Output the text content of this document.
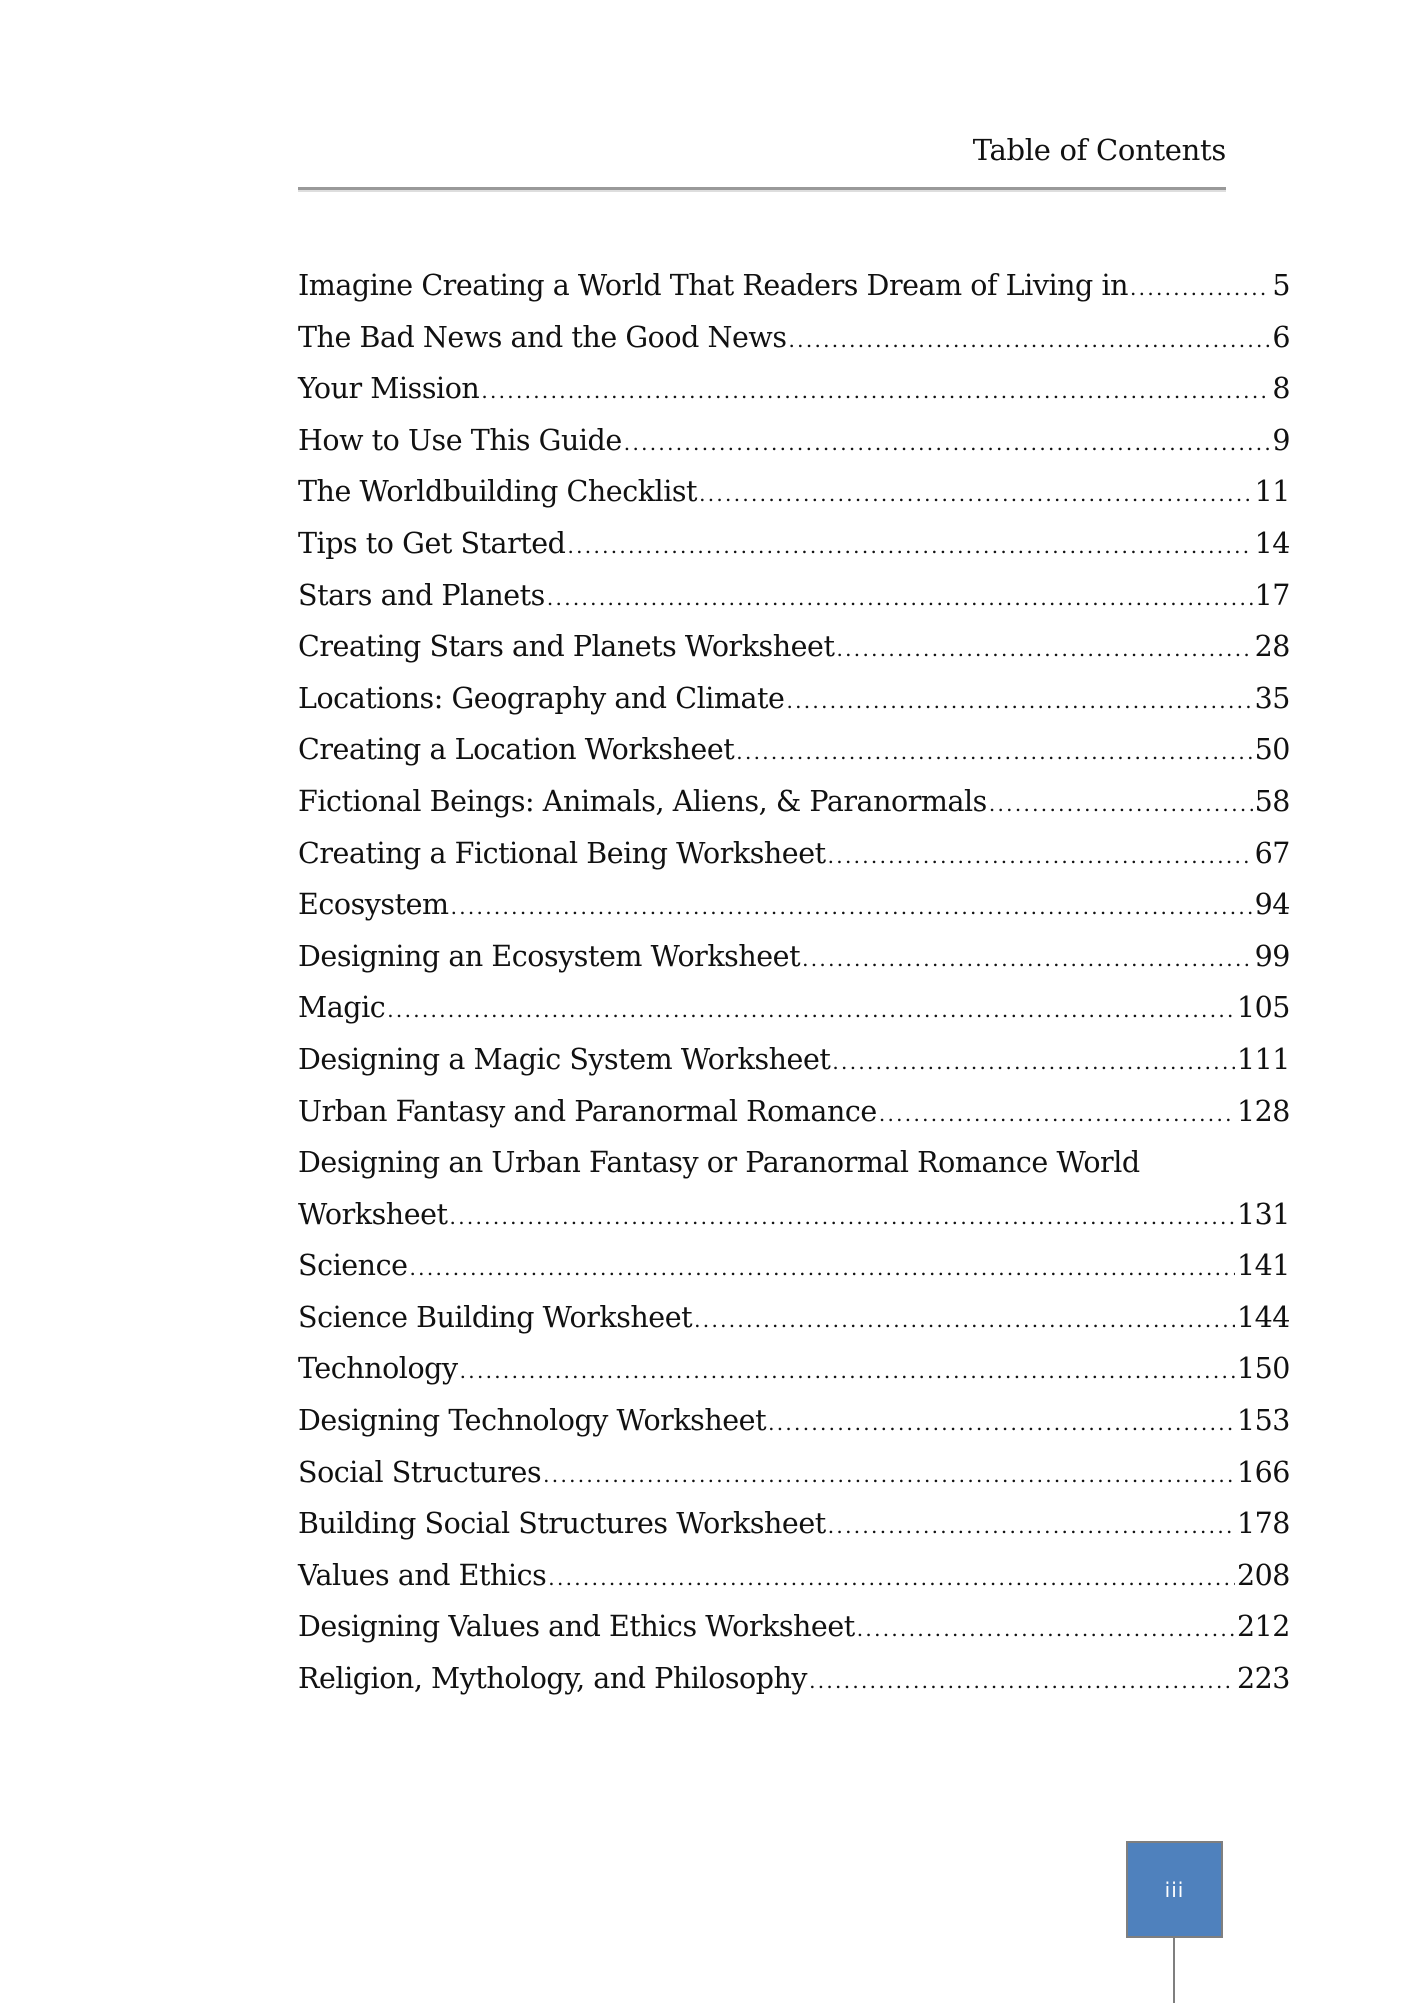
Table of Contents
Imagine Creating a World That Readers Dream of Living in .....	5
The Bad News and the Good News .....	6
Your Mission .....	8
How to Use This Guide .....	9
The Worldbuilding Checklist .....	11
Tips to Get Started .....	14
Stars and Planets .....	17
Creating Stars and Planets Worksheet .....	28
Locations: Geography and Climate .....	35
Creating a Location Worksheet .....	50
Fictional Beings: Animals, Aliens, & Paranormals .....	58
Creating a Fictional Being Worksheet .....	67
Ecosystem .....	94
Designing an Ecosystem Worksheet .....	99
Magic .....	105
Designing a Magic System Worksheet .....	111
Urban Fantasy and Paranormal Romance .....	128
Designing an Urban Fantasy or Paranormal Romance World
Worksheet .....	131
Science .....	141
Science Building Worksheet .....	144
Technology .....	150
Designing Technology Worksheet .....	153
Social Structures .....	166
Building Social Structures Worksheet .....	178
Values and Ethics .....	208
Designing Values and Ethics Worksheet .....	212
Religion, Mythology, and Philosophy .....	223
iii
